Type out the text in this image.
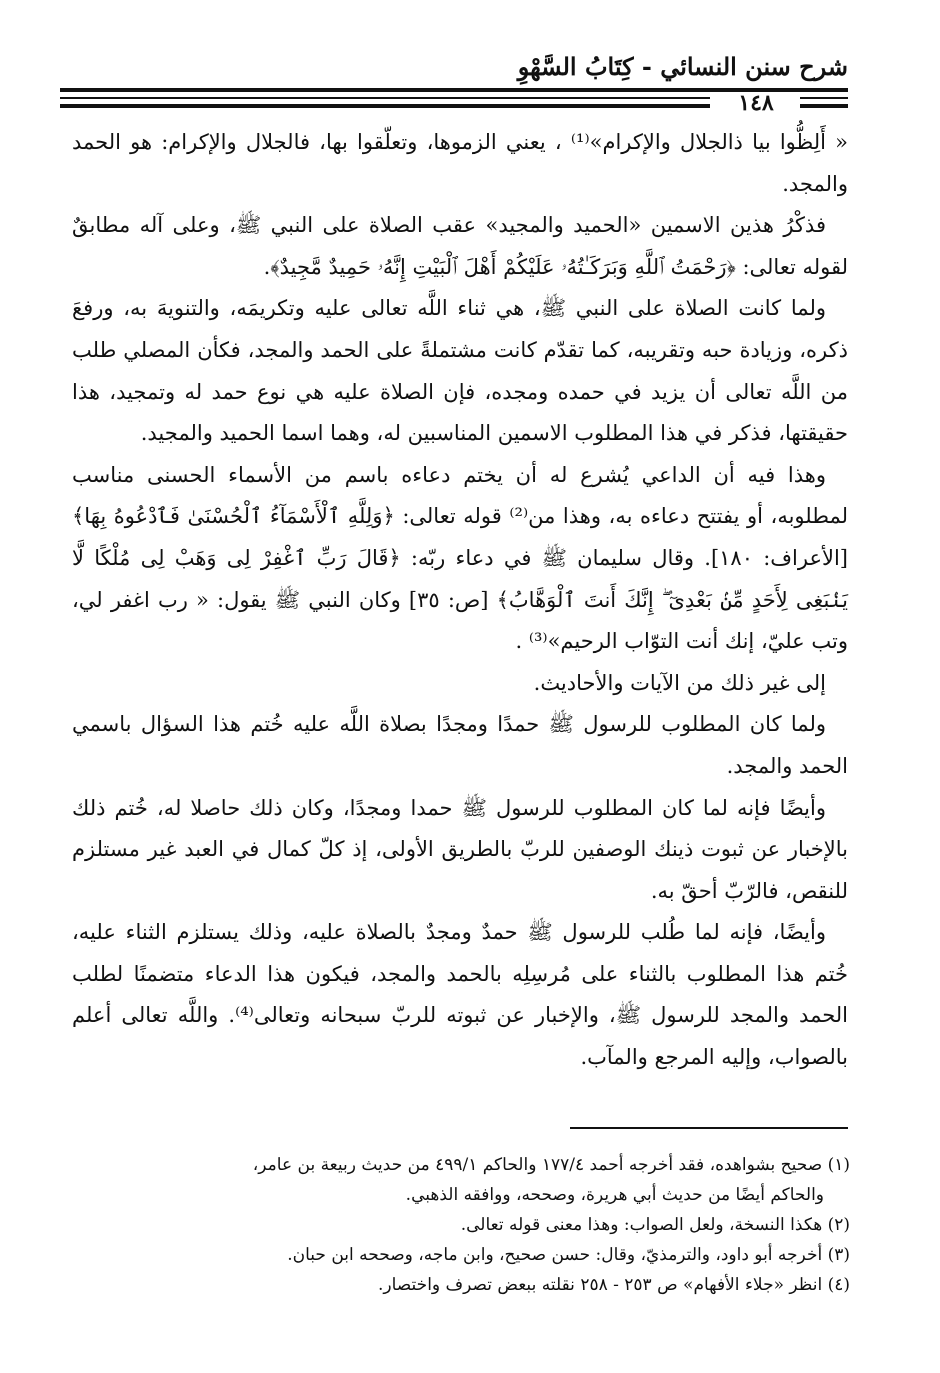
شرح سنن النسائي - كِتَابُ السَّهْوِ
١٤٨

« أَلِظُّوا بيا ذالجلال والإكرام»⁽¹⁾ ، يعني الزموها، وتعلّقوا بها، فالجلال والإكرام: هو الحمد والمجد.

فذكْرُ هذين الاسمين «الحميد والمجيد» عقب الصلاة على النبي ﷺ، وعلى آله مطابقٌ لقوله تعالى: ﴿رَحْمَتُ ٱللَّهِ وَبَرَكَـٰتُهُۥ عَلَيْكُمْ أَهْلَ ٱلْبَيْتِ إِنَّهُۥ حَمِيدٌ مَّجِيدٌ﴾.

ولما كانت الصلاة على النبي ﷺ، هي ثناء اللَّه تعالى عليه وتكريمَه، والتنويهَ به، ورفعَ ذكره، وزيادة حبه وتقريبه، كما تقدّم كانت مشتملةً على الحمد والمجد، فكأن المصلي طلب من اللَّه تعالى أن يزيد في حمده ومجده، فإن الصلاة عليه هي نوع حمد له وتمجيد، هذا حقيقتها، فذكر في هذا المطلوب الاسمين المناسبين له، وهما اسما الحميد والمجيد.

وهذا فيه أن الداعي يُشرع له أن يختم دعاءه باسم من الأسماء الحسنى مناسب لمطلوبه، أو يفتتح دعاءه به، وهذا من⁽²⁾ قوله تعالى: ﴿وَلِلَّهِ ٱلْأَسْمَآءُ ٱلْحُسْنَىٰ فَٱدْعُوهُ بِهَا﴾ [الأعراف: ١٨٠]. وقال سليمان ﷺ في دعاء ربّه: ﴿قَالَ رَبِّ ٱغْفِرْ لِى وَهَبْ لِى مُلْكًا لَّا يَنۢبَغِى لِأَحَدٍ مِّنۢ بَعْدِىٓ ۖ إِنَّكَ أَنتَ ٱلْوَهَّابُ﴾ [ص: ٣٥] وكان النبي ﷺ يقول: « رب اغفر لي، وتب عليّ، إنك أنت التوّاب الرحيم»⁽³⁾ .

إلى غير ذلك من الآيات والأحاديث.

ولما كان المطلوب للرسول ﷺ حمدًا ومجدًا بصلاة اللَّه عليه خُتم هذا السؤال باسمي الحمد والمجد.

وأيضًا فإنه لما كان المطلوب للرسول ﷺ حمدا ومجدًا، وكان ذلك حاصلا له، خُتم ذلك بالإخبار عن ثبوت ذينك الوصفين للربّ بالطريق الأولى، إذ كلّ كمال في العبد غير مستلزم للنقص، فالرّبّ أحقّ به.

وأيضًا، فإنه لما طُلب للرسول ﷺ حمدٌ ومجدٌ بالصلاة عليه، وذلك يستلزم الثناء عليه، خُتم هذا المطلوب بالثناء على مُرسِلِه بالحمد والمجد، فيكون هذا الدعاء متضمنًا لطلب الحمد والمجد للرسول ﷺ، والإخبار عن ثبوته للربّ سبحانه وتعالى⁽⁴⁾. واللَّه تعالى أعلم بالصواب، وإليه المرجع والمآب.

(١) صحيح بشواهده، فقد أخرجه أحمد ١٧٧/٤ والحاكم ٤٩٩/١ من حديث ربيعة بن عامر،

والحاكم أيضًا من حديث أبي هريرة، وصححه، ووافقه الذهبي.

(٢) هكذا النسخة، ولعل الصواب: وهذا معنى قوله تعالى.

(٣) أخرجه أبو داود، والترمذيّ، وقال: حسن صحيح، وابن ماجه، وصححه ابن حبان.

(٤) انظر «جلاء الأفهام» ص ٢٥٣ - ٢٥٨ نقلته ببعض تصرف واختصار.
